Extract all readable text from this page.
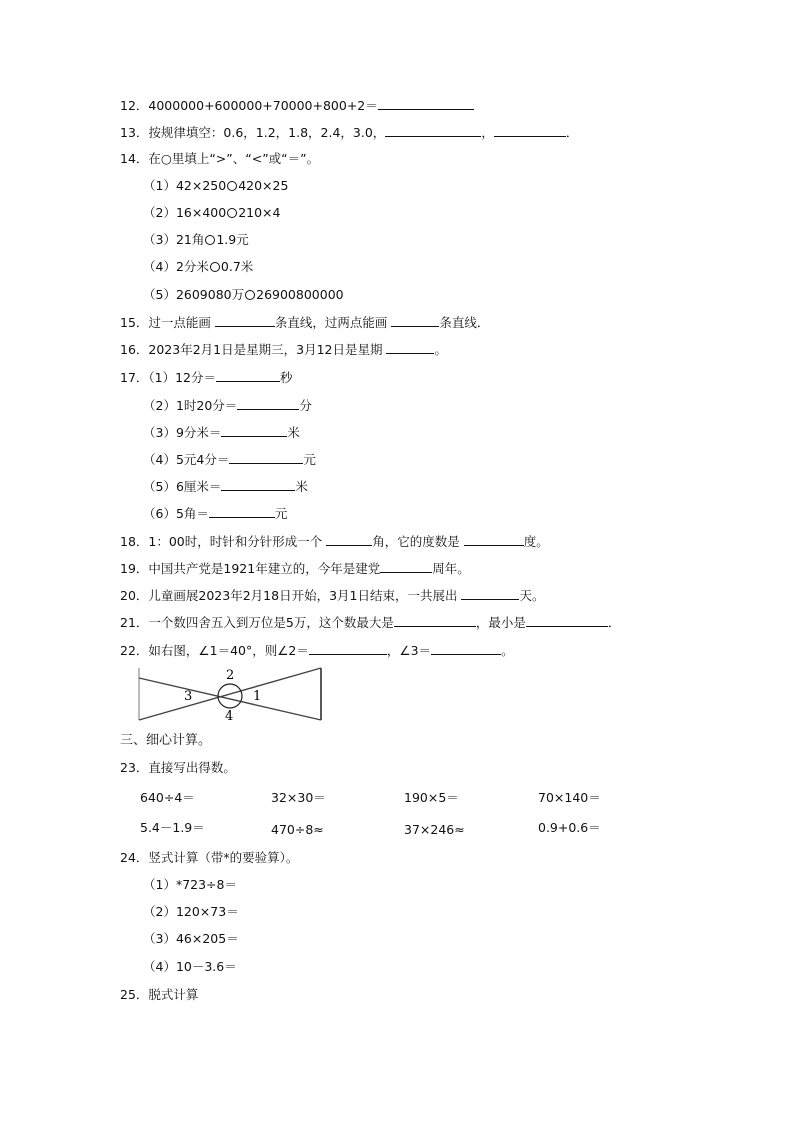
12．4000000+600000+70000+800+2＝
13．按规律填空：0.6，1.2，1.8，2.4，3.0，	，	．
14．在○里填上“>”、“<”或“＝”。
（1）42×250 420×25
（2）16×400 210×4
（3）21角 1.9元
（4）2分米 0.7米
（5）2609080万 26900800000
15．过一点能画	条直线，过两点能画	条直线．
16．2023年2月1日是星期三，3月12日是星期	。
17．（1）12分＝	秒
（2）1时20分＝	分
（3）9分米＝	米
（4）5元4分＝	元
（5）6厘米＝	米
（6）5角＝	元
18．1：00时，时针和分针形成一个	角，它的度数是	度。
19．中国共产党是1921年建立的，今年是建党	周年。
20．儿童画展2023年2月18日开始，3月1日结束，一共展出	天。
21．一个数四舍五入到万位是5万，这个数最大是	，最小是	．
22．如右图，∠1＝40°，则∠2＝	，∠3＝	。
1
2
3
4
三、细心计算。
23．直接写出得数。
640÷4＝	32×30＝	190×5＝	70×140＝
5.4－1.9＝	470÷8≈	37×246≈	0.9+0.6＝
24．竖式计算（带*的要验算）。
（1）*723÷8＝
（2）120×73＝
（3）46×205＝
（4）10－3.6＝
25．脱式计算
